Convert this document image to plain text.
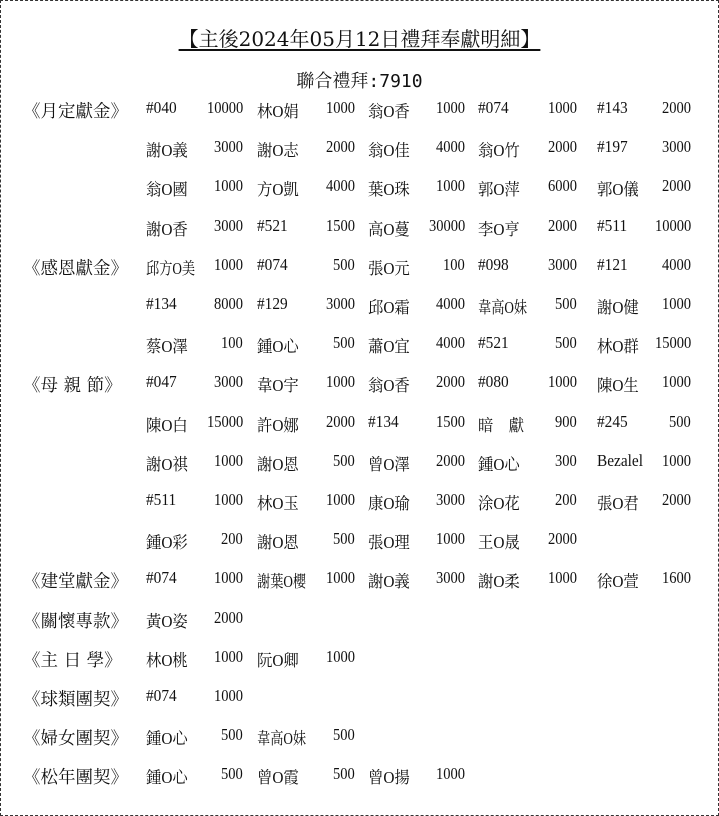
【主後2024年05月12日禮拜奉獻明細】
聯合禮拜:7910
《月定獻金》 #040 10000 林O娟 1000 翁O香 1000 #074 1000 #143 2000
謝O義 3000 謝O志 2000 翁O佳 4000 翁O竹 2000 #197 3000
翁O國 1000 方O凱 4000 葉O珠 1000 郭O萍 6000 郭O儀 2000
謝O香 3000 #521 1500 高O蔓 30000 李O亨 2000 #511 10000
《感恩獻金》 邱方O美 1000 #074	500 張O元 100 #098 3000 #121 4000
#134 8000 #129 3000 邱O霜 4000 韋高O妹 500 謝O健 1000
蔡O澤 100 鍾O心 500 蕭O宜 4000 #521	500 林O群 15000
《母 親 節》 #047 3000 韋O宇 1000 翁O香 2000 #080 1000 陳O生 1000
陳O白 15000 許O娜 2000 #134 1500 暗　獻 900 #245	500
謝O祺 1000 謝O恩 500 曾O澤 2000 鍾O心 300 Bezalel 1000
#511 1000 林O玉 1000 康O瑜 3000 涂O花 200 張O君 2000
鍾O彩 200 謝O恩 500 張O理 1000 王O晟 2000
《建堂獻金》 #074 1000 謝葉O櫻 1000 謝O義 3000 謝O柔 1000 徐O萱 1600
《關懷專款》 黃O姿 2000
《主 日 學》 林O桃 1000 阮O卿 1000
《球類團契》 #074 1000
《婦女團契》 鍾O心 500 韋高O妹 500
《松年團契》 鍾O心 500 曾O霞 500 曾O揚 1000
